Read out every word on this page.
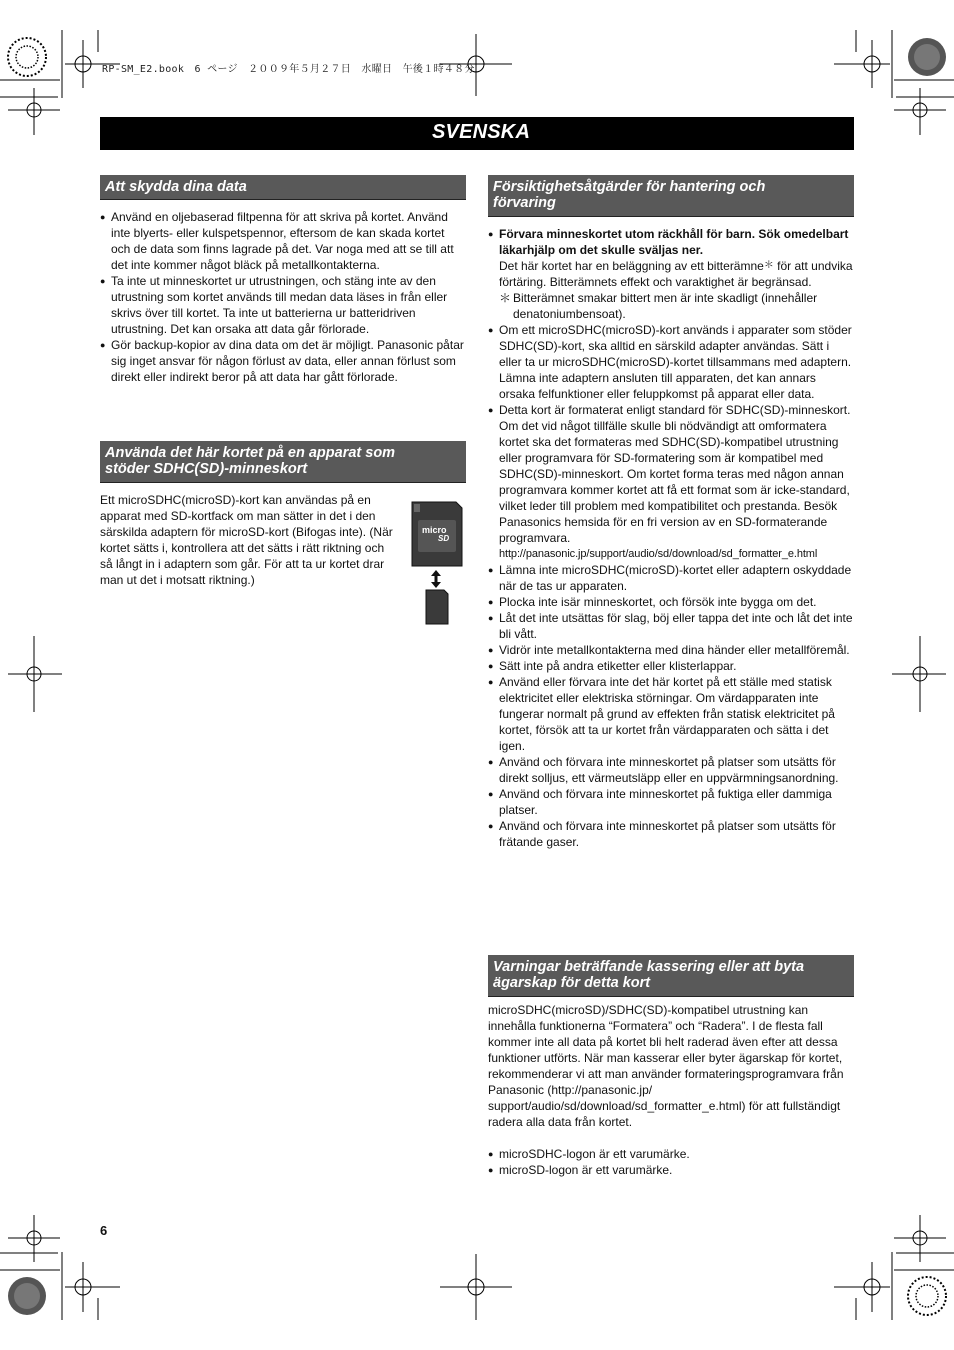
RP-SM_E2.book　6 ページ　２００９年５月２７日　水曜日　午後１時４８分
SVENSKA
Att skydda dina data
● Använd en oljebaserad filtpenna för att skriva på kortet. Använd inte blyerts- eller kulspetspennor, eftersom de kan skada kortet och de data som finns lagrade på det. Var noga med att se till att det inte kommer något bläck på metallkontakterna.
● Ta inte ut minneskortet ur utrustningen, och stäng inte av den utrustning som kortet används till medan data läses in från eller skrivs över till kortet. Ta inte ut batterierna ur batteridriven utrustning. Det kan orsaka att data går förlorade.
● Gör backup-kopior av dina data om det är möjligt. Panasonic påtar sig inget ansvar för någon förlust av data, eller annan förlust som direkt eller indirekt beror på att data har gått förlorade.
Använda det här kortet på en apparat som
stöder SDHC(SD)-minneskort
Ett microSDHC(microSD)-kort kan användas på en apparat med SD-kortfack om man sätter in det i den särskilda adaptern för microSD-kort (Bifogas inte). (När kortet sätts i, kontrollera att det sätts i rätt riktning och så långt in i adaptern som går. För att ta ur kortet drar man ut det i motsatt riktning.)
micro
SD
Försiktighetsåtgärder för hantering och
förvaring
● Förvara minneskortet utom räckhåll för barn. Sök omedelbart läkarhjälp om det skulle sväljas ner.
Det här kortet har en beläggning av ett bitterämne＊ för att undvika förtäring. Bitterämnets effekt och varaktighet är begränsad.
＊ Bitterämnet smakar bittert men är inte skadligt (innehåller denatoniumbensoat).
● Om ett microSDHC(microSD)-kort används i apparater som stöder SDHC(SD)-kort, ska alltid en särskild adapter användas. Sätt i eller ta ur microSDHC(microSD)-kortet tillsammans med adaptern. Lämna inte adaptern ansluten till apparaten, det kan annars orsaka felfunktioner eller feluppkomst på apparat eller data.
● Detta kort är formaterat enligt standard för SDHC(SD)-minneskort. Om det vid något tillfälle skulle bli nödvändigt att omformatera kortet ska det formateras med SDHC(SD)-kompatibel utrustning eller programvara för SD-formatering som är kompatibel med SDHC(SD)-minneskort. Om kortet forma teras med någon annan programvara kommer kortet att få ett format som är icke-standard, vilket leder till problem med kompatibilitet och prestanda. Besök Panasonics hemsida för en fri version av en SD-formaterande programvara.
http://panasonic.jp/support/audio/sd/download/sd_formatter_e.html
● Lämna inte microSDHC(microSD)-kortet eller adaptern oskyddade när de tas ur apparaten.
● Plocka inte isär minneskortet, och försök inte bygga om det.
● Låt det inte utsättas för slag, böj eller tappa det inte och låt det inte bli vått.
● Vidrör inte metallkontakterna med dina händer eller metallföremål.
● Sätt inte på andra etiketter eller klisterlappar.
● Använd eller förvara inte det här kortet på ett ställe med statisk elektricitet eller elektriska störningar. Om värdapparaten inte fungerar normalt på grund av effekten från statisk elektricitet på kortet, försök att ta ur kortet från värdapparaten och sätta i det igen.
● Använd och förvara inte minneskortet på platser som utsätts för direkt solljus, ett värmeutsläpp eller en uppvärmningsanordning.
● Använd och förvara inte minneskortet på fuktiga eller dammiga platser.
● Använd och förvara inte minneskortet på platser som utsätts för frätande gaser.
Varningar beträffande kassering eller att byta
ägarskap för detta kort
microSDHC(microSD)/SDHC(SD)-kompatibel utrustning kan innehålla funktionerna “Formatera” och “Radera”. I de flesta fall kommer inte all data på kortet bli helt raderad även efter att dessa funktioner utförts. När man kasserar eller byter ägarskap för kortet, rekommenderar vi att man använder formateringsprogramvara från Panasonic (http://panasonic.jp/ support/audio/sd/download/sd_formatter_e.html) för att fullständigt radera alla data från kortet.
● microSDHC-logon är ett varumärke.
● microSD-logon är ett varumärke.
6
